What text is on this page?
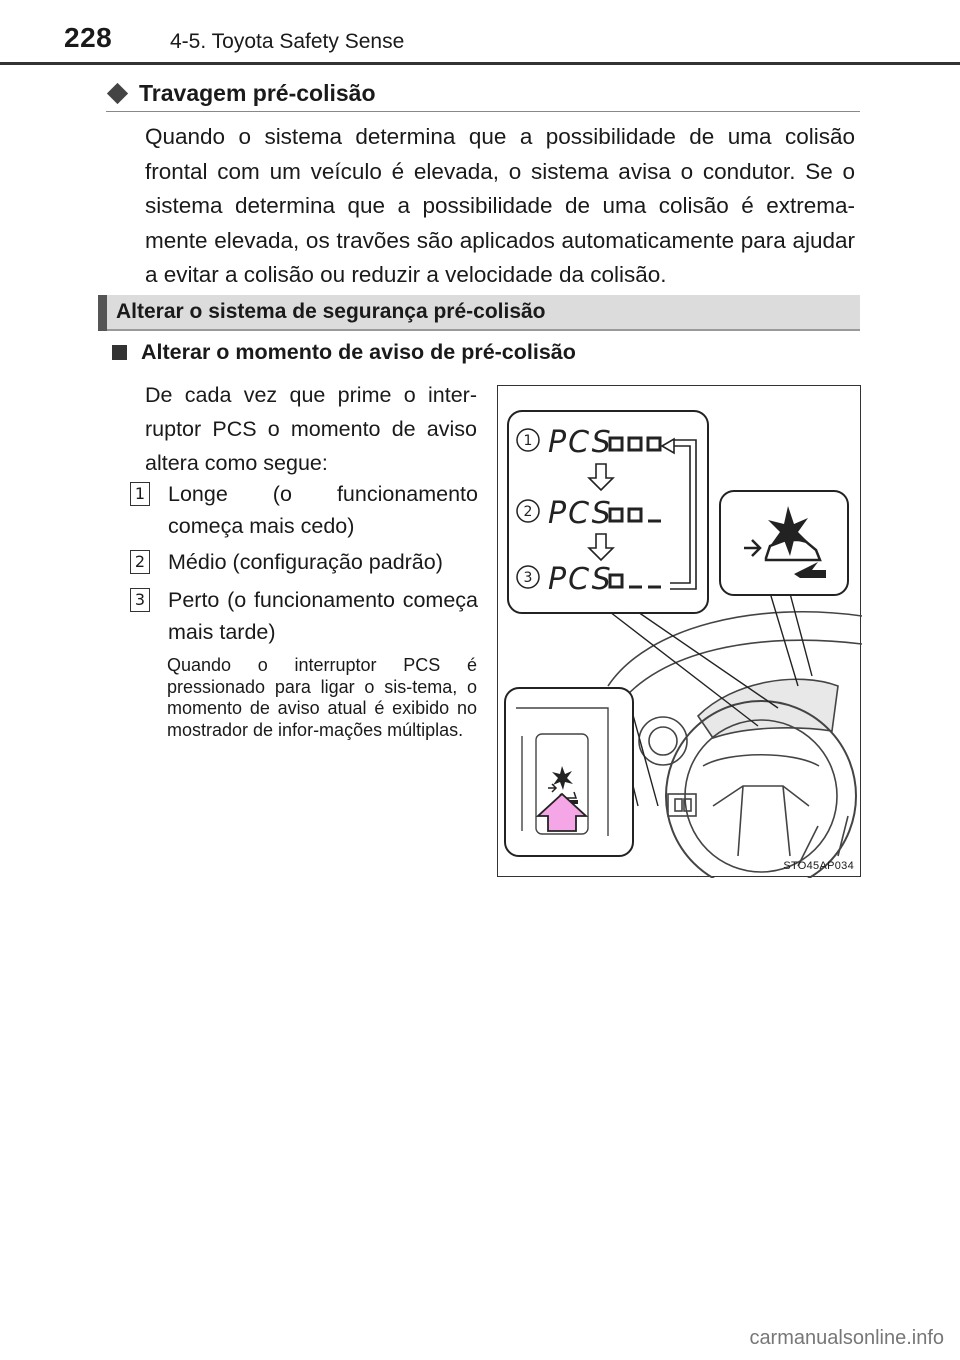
228	4-5. Toyota Safety Sense
Travagem pré-colisão
Quando o sistema determina que a possibilidade de uma colisão frontal com um veículo é elevada, o sistema avisa o condutor. Se o sistema determina que a possibilidade de uma colisão é extrema-mente elevada, os travões são aplicados automaticamente para ajudar a evitar a colisão ou reduzir a velocidade da colisão.
Alterar o sistema de segurança pré-colisão
Alterar o momento de aviso de pré-colisão
De cada vez que prime o inter-ruptor PCS o momento de aviso altera como segue:
1 Longe (o funcionamento começa mais cedo)
2 Médio (configuração padrão)
3 Perto (o funcionamento começa mais tarde)
Quando o interruptor PCS é pressionado para ligar o sis-tema, o momento de aviso atual é exibido no mostrador de infor-mações múltiplas.
1 PCS
2 PCS
3 PCS
STO45AP034
carmanualsonline.info
